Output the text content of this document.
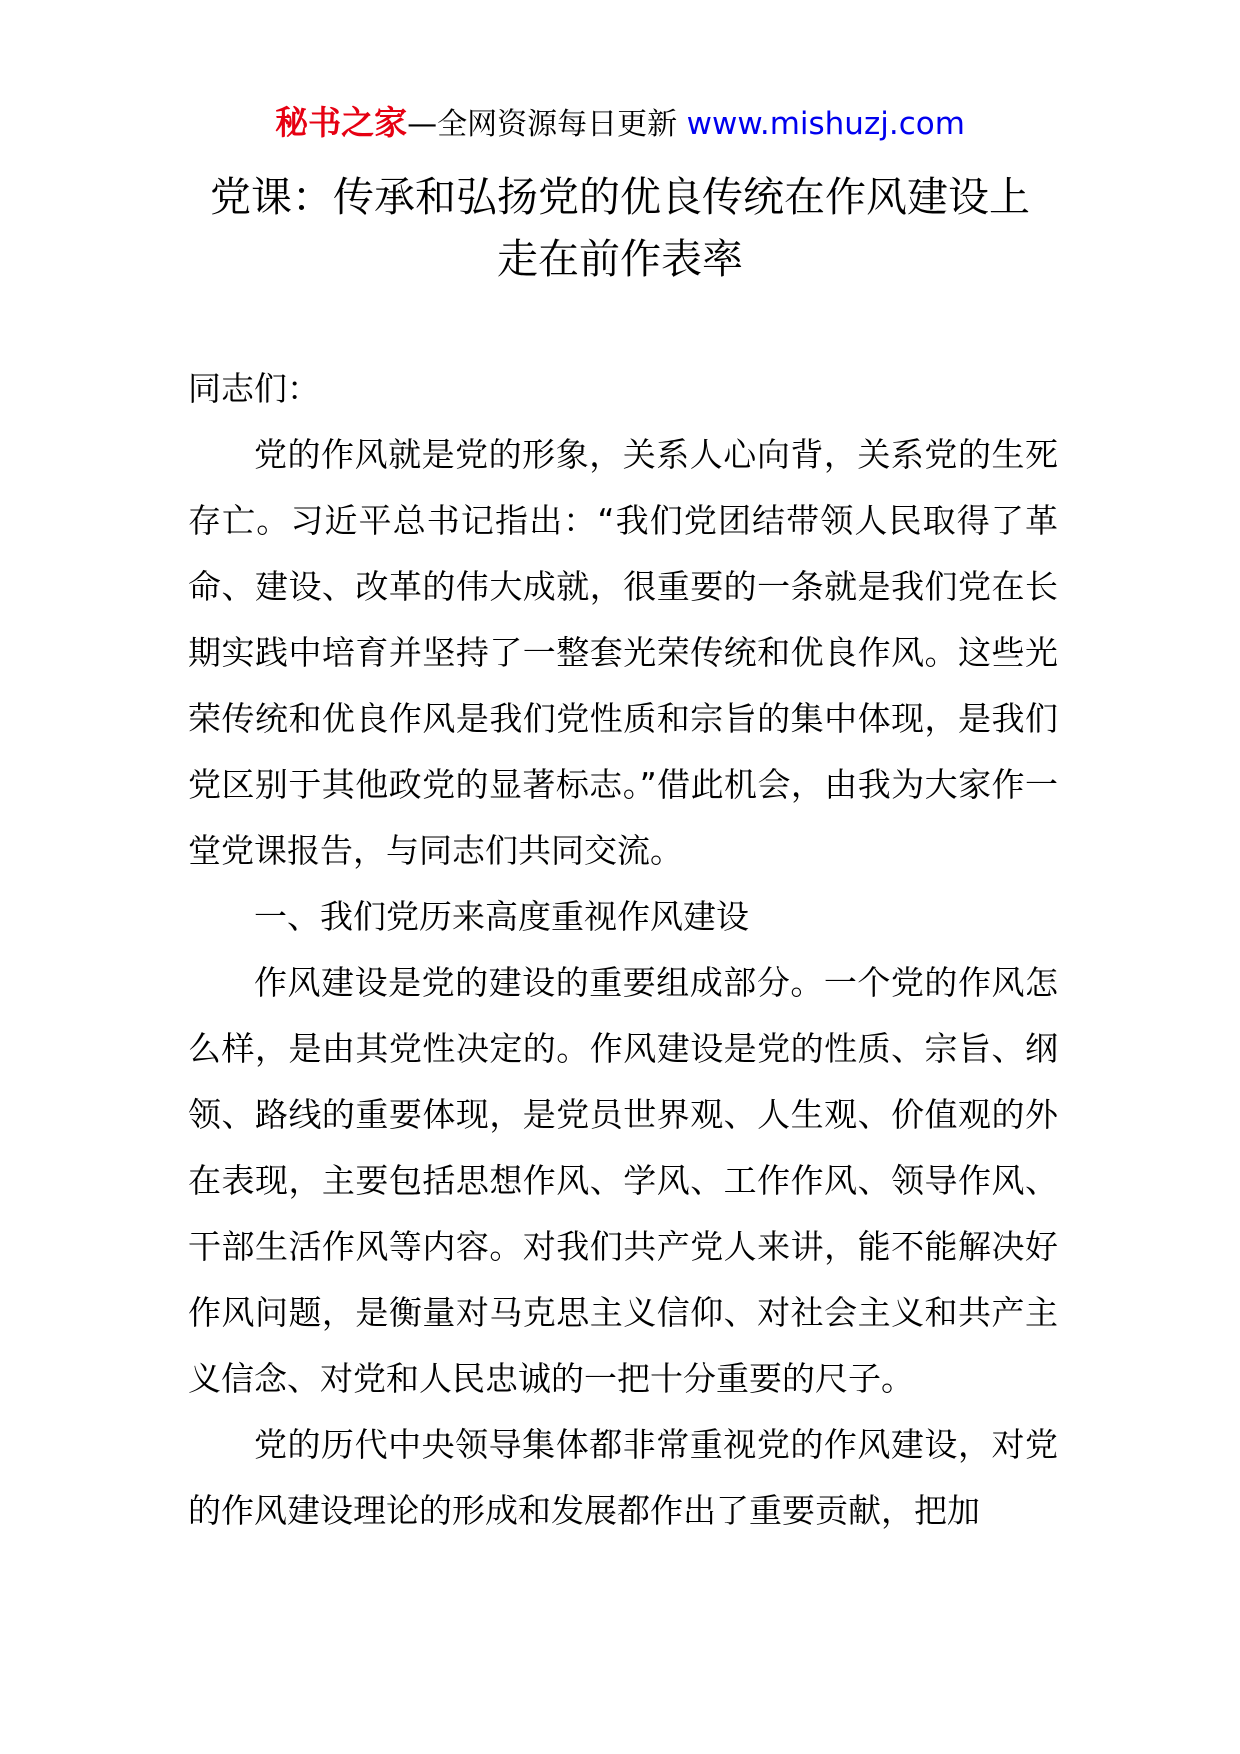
秘书之家—全网资源每日更新 www.mishuzj.com
党课：传承和弘扬党的优良传统在作风建设上
走在前作表率

同志们：

党的作风就是党的形象，关系人心向背，关系党的生死存亡。习近平总书记指出：“我们党团结带领人民取得了革命、建设、改革的伟大成就，很重要的一条就是我们党在长期实践中培育并坚持了一整套光荣传统和优良作风。这些光荣传统和优良作风是我们党性质和宗旨的集中体现，是我们党区别于其他政党的显著标志。”借此机会，由我为大家作一堂党课报告，与同志们共同交流。

一、我们党历来高度重视作风建设

作风建设是党的建设的重要组成部分。一个党的作风怎么样，是由其党性决定的。作风建设是党的性质、宗旨、纲领、路线的重要体现，是党员世界观、人生观、价值观的外在表现，主要包括思想作风、学风、工作作风、领导作风、干部生活作风等内容。对我们共产党人来讲，能不能解决好作风问题，是衡量对马克思主义信仰、对社会主义和共产主义信念、对党和人民忠诚的一把十分重要的尺子。

党的历代中央领导集体都非常重视党的作风建设，对党的作风建设理论的形成和发展都作出了重要贡献，把加
